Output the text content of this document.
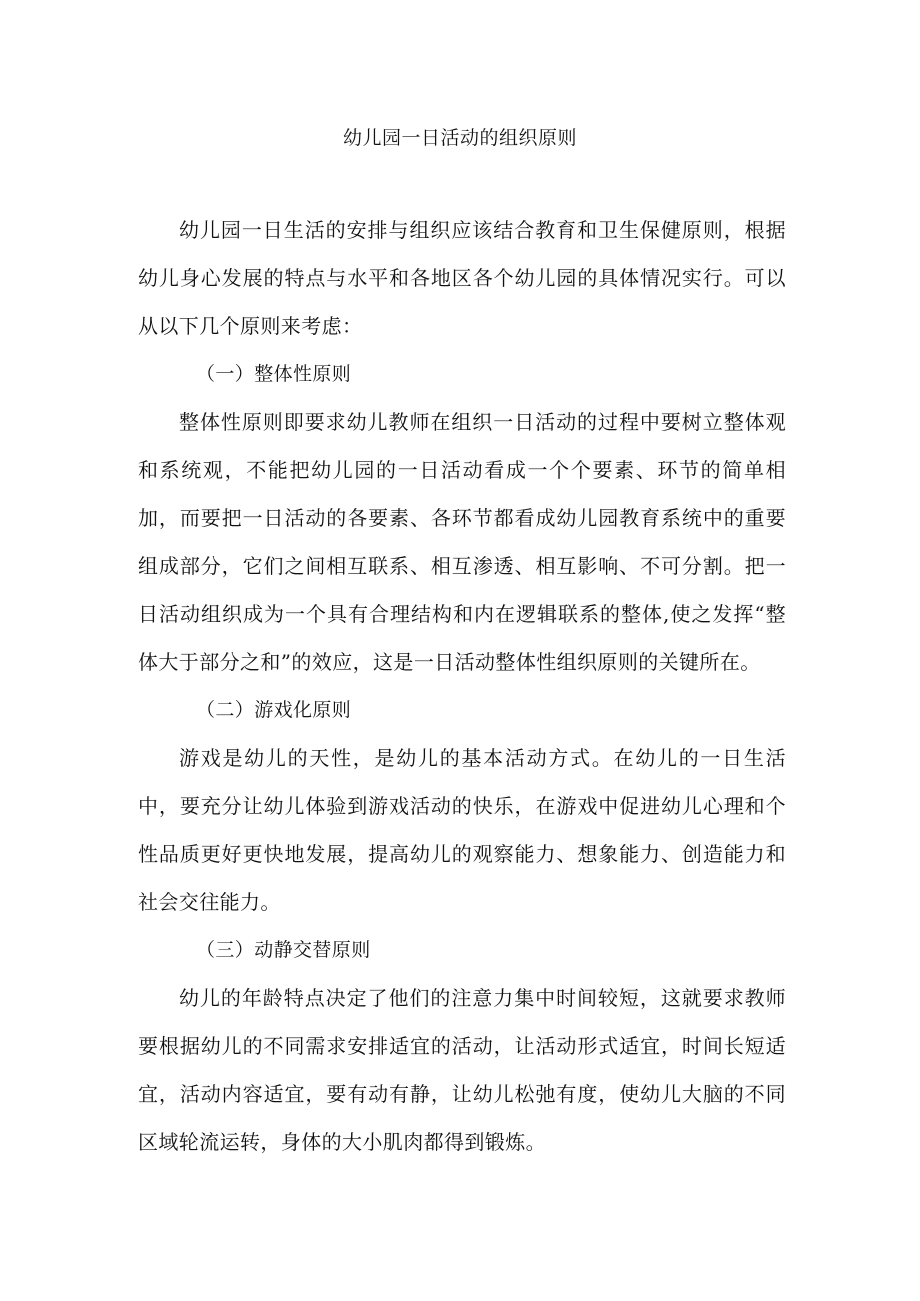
幼儿园一日活动的组织原则

幼儿园一日生活的安排与组织应该结合教育和卫生保健原则，根据幼儿身心发展的特点与水平和各地区各个幼儿园的具体情况实行。可以从以下几个原则来考虑：

（一）整体性原则

整体性原则即要求幼儿教师在组织一日活动的过程中要树立整体观和系统观，不能把幼儿园的一日活动看成一个个要素、环节的简单相加，而要把一日活动的各要素、各环节都看成幼儿园教育系统中的重要组成部分，它们之间相互联系、相互渗透、相互影响、不可分割。把一日活动组织成为一个具有合理结构和内在逻辑联系的整体,使之发挥“整体大于部分之和”的效应，这是一日活动整体性组织原则的关键所在。

（二）游戏化原则

游戏是幼儿的天性，是幼儿的基本活动方式。在幼儿的一日生活中，要充分让幼儿体验到游戏活动的快乐，在游戏中促进幼儿心理和个性品质更好更快地发展，提高幼儿的观察能力、想象能力、创造能力和社会交往能力。

（三）动静交替原则

幼儿的年龄特点决定了他们的注意力集中时间较短，这就要求教师要根据幼儿的不同需求安排适宜的活动，让活动形式适宜，时间长短适宜，活动内容适宜，要有动有静，让幼儿松弛有度，使幼儿大脑的不同区域轮流运转，身体的大小肌肉都得到锻炼。
